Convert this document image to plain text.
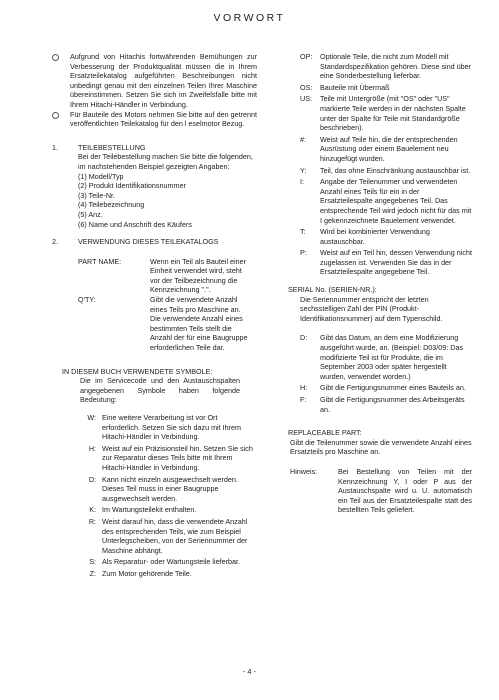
VORWORT
Aufgrund von Hitachis fortwährenden Bemühungen zur Verbesserung der Produktqualität müssen die in Ihrem Ersatzteilekatalog aufgeführten Beschreibungen nicht unbedingt genau mit den einzelnen Teilen Ihrer Maschine übereinstimmen. Setzen Sie sich im Zweifelsfalle bitte mit Ihrem Hitachi-Händler in Verbindung.
Für Bauteile des Motors nehmen Sie bitte auf den getrennt veröffentlichten Teilekatalog für den l eselmotor Bezug.
1.	TEILEBESTELLUNG
Bei der Teilebestellung machen Sie bitte die folgenden, im nachstehenden Beispiel gezeigten Angaben:
(1) Modell/Typ
(2) Produkt Identifikationsnummer
(3) Teile-Nr.
(4) Teilebezeichnung
(5) Anz.
(6) Name und Anschrift des Käufers
2.	VERWENDUNG DIESES TEILEKATALOGS
PART NAME:	Wenn ein Teil als Bauteil einer Einheit verwendet wird, steht vor der Teilbezeichnung die Kennzeichnung ".".
Q'TY:	Gibt die verwendete Anzahl eines Teils pro Maschine an. Die verwendete Anzahl eines bestimmten Teils stellt die Anzahl der für eine Baugruppe erforderlichen Teile dar.
IN DIESEM BUCH VERWENDETE SYMBOLE:
Die im Servicecode und den Austauschspalten angegebenen Symbole haben folgende Bedeutung:
W: Eine weitere Verarbeitung ist vor Ort erforderlich. Setzen Sie sich dazu mit Ihrem Hitachi-Händler in Verbindung.
H: Weist auf ein Präzisionsteil hin. Setzen Sie sich zur Reparatur dieses Teils bitte mit Ihrem Hitachi-Händler in Verbindung.
D: Kann nicht einzeln ausgewechselt werden. Dieses Teil muss in einer Baugruppe ausgewechselt werden.
K: Im Wartungsteilekit enthalten.
R: Weist darauf hin, dass die verwendete Anzahl des entsprechenden Teils, wie zum Beispiel Unterlegscheiben, von der Seriennummer der Maschine abhängt.
S: Als Reparatur- oder Wartungsteile lieferbar.
Z: Zum Motor gehörende Teile.
OP:	Optionale Teile, die nicht zum Modell mit Standardspezifikation gehören. Diese sind über eine Sonderbestellung lieferbar.
OS:	Bauteile mit Übermaß
US:	Teile mit Untergröße (mit "OS" oder "US" markierte Teile werden in der nächsten Spalte unter der Spalte für Teile mit Standardgröße beschrieben).
#:	Weist auf Teile hin, die der entsprechenden Ausrüstung oder einem Bauelement neu hinzugefügt wurden.
Y:	Teil, das ohne Einschränkung austauschbar ist.
I:	Angabe der Teilenummer und verwendeten Anzahl eines Teils für ein in der Ersatzteilespalte angegebenes Teil. Das entsprechende Teil wird jedoch nicht für das mit I gekennzeichnete Bauelement verwendet.
T:	Wird bei kombinierter Verwendung austauschbar.
P:	Weist auf ein Teil hin, dessen Verwendung nicht zugelassen ist. Verwenden Sie das in der Ersatzteilespalte angegebene Teil.
SERIAL No. (SERIEN-NR.):
Die Seriennummer entspricht der letzten sechsstelligen Zahl der PIN (Produkt-Identifikationsnummer) auf dem Typenschild.
D:	Gibt das Datum, an dem eine Modifizierung ausgeführt wurde, an. (Beispiel: D03/09: Das modifizierte Teil ist für Produkte, die im September 2003 oder später hergestellt wurden, verwendet worden.)
H:	Gibt die Fertigungsnummer eines Bauteils an.
F:	Gibt die Fertigungsnummer des Arbeitsgeräts an.
REPLACEABLE PART:
Gibt die Teilenummer sowie die verwendete Anzahl eines Ersatzteils pro Maschine an.
Hinweis:	Bei Bestellung von Teilen mit der Kennzeichnung Y, I oder P aus der Austauschspalte wird u. U. automatisch ein Teil aus der Ersatzteilespalte statt des bestellten Teils geliefert.
- 4 -
